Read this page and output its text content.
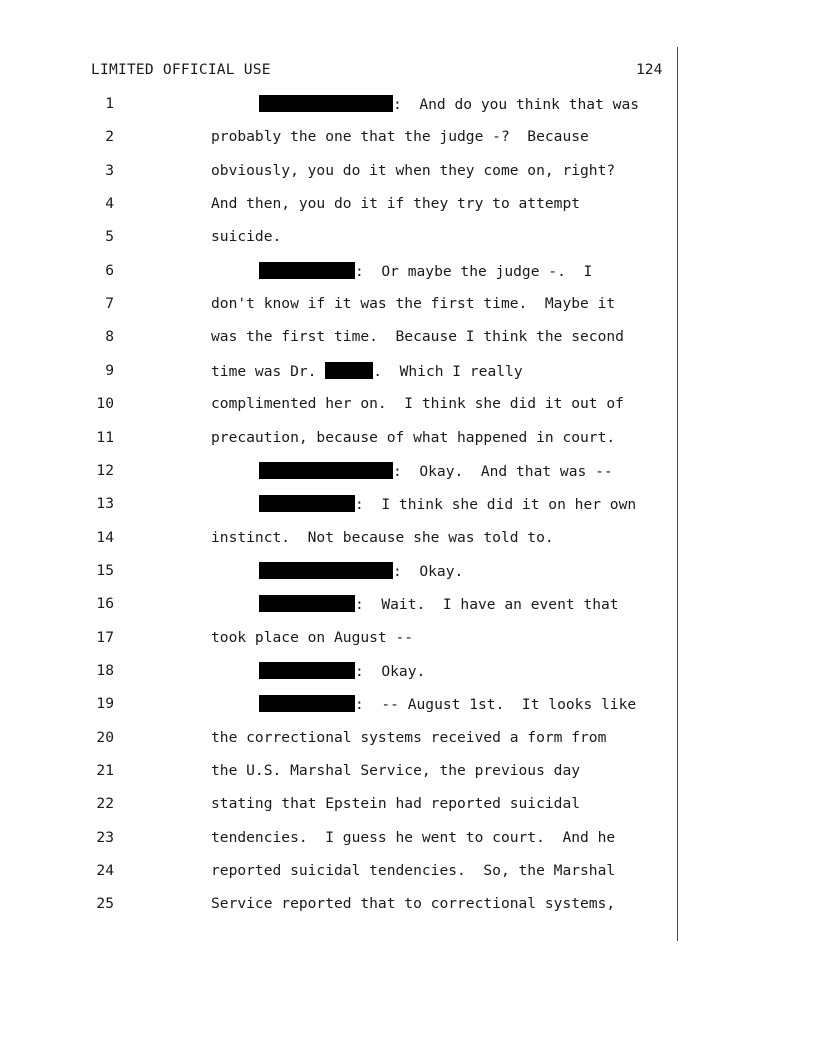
LIMITED OFFICIAL USE	124
1	:  And do you think that was
2	probably the one that the judge -?  Because
3	obviously, you do it when they come on, right?
4	And then, you do it if they try to attempt
5	suicide.
6	:  Or maybe the judge -.  I
7	don't know if it was the first time.  Maybe it
8	was the first time.  Because I think the second
9	time was Dr.	.  Which I really
10	complimented her on.  I think she did it out of
11	precaution, because of what happened in court.
12	:  Okay.  And that was --
13	:  I think she did it on her own
14	instinct.  Not because she was told to.
15	:  Okay.
16	:  Wait.  I have an event that
17	took place on August --
18	:  Okay.
19	:  -- August 1st.  It looks like
20	the correctional systems received a form from
21	the U.S. Marshal Service, the previous day
22	stating that Epstein had reported suicidal
23	tendencies.  I guess he went to court.  And he
24	reported suicidal tendencies.  So, the Marshal
25	Service reported that to correctional systems,
